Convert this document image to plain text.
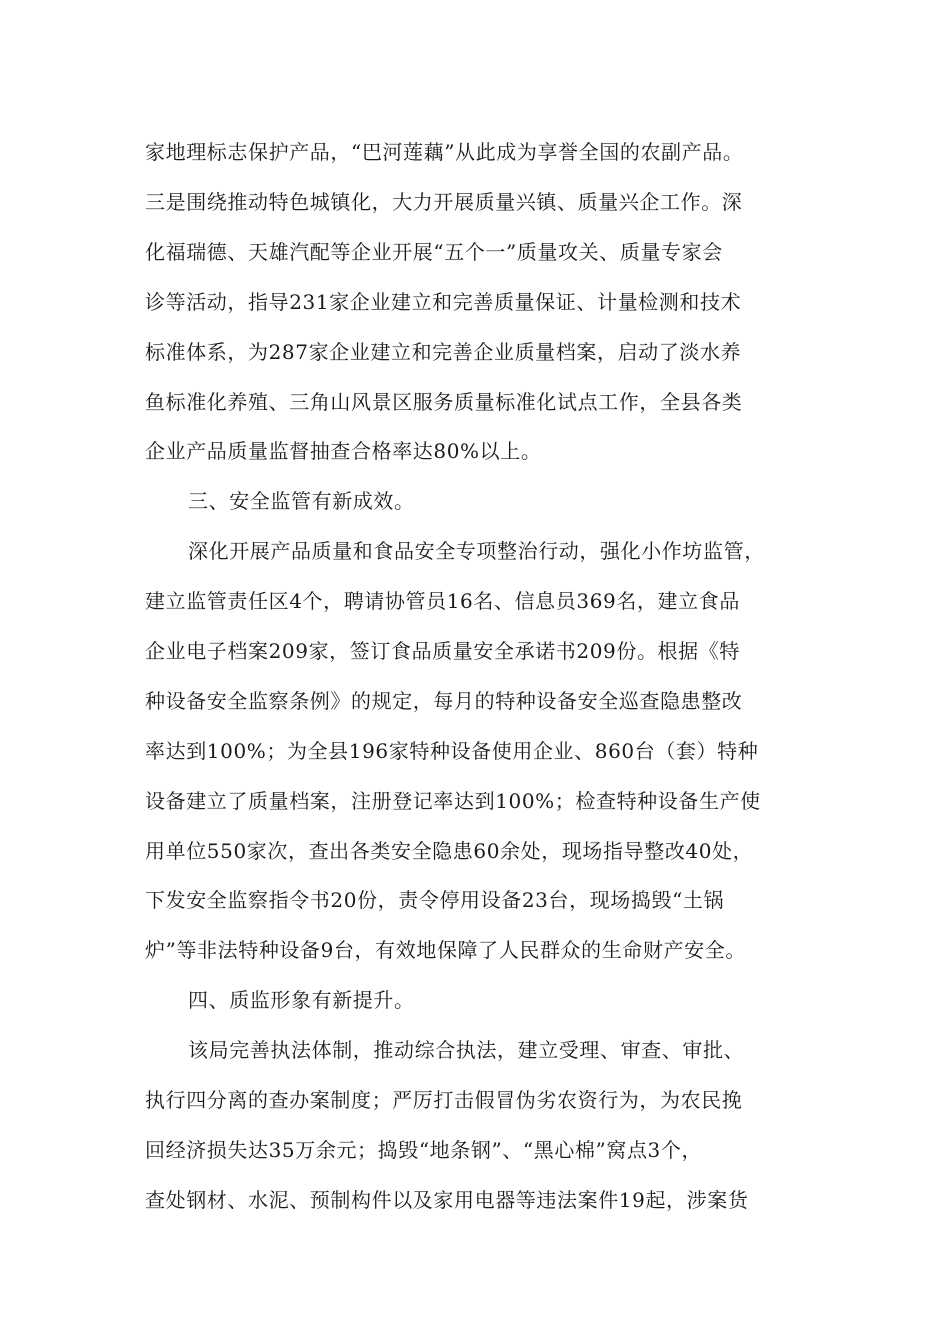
家地理标志保护产品，“巴河莲藕”从此成为享誉全国的农副产品。
三是围绕推动特色城镇化，大力开展质量兴镇、质量兴企工作。深
化福瑞德、天雄汽配等企业开展“五个一”质量攻关、质量专家会
诊等活动，指导231家企业建立和完善质量保证、计量检测和技术
标准体系，为287家企业建立和完善企业质量档案，启动了淡水养
鱼标准化养殖、三角山风景区服务质量标准化试点工作，全县各类
企业产品质量监督抽查合格率达80%以上。
三、安全监管有新成效。
深化开展产品质量和食品安全专项整治行动，强化小作坊监管，
建立监管责任区4个，聘请协管员16名、信息员369名，建立食品
企业电子档案209家，签订食品质量安全承诺书209份。根据《特
种设备安全监察条例》的规定，每月的特种设备安全巡查隐患整改
率达到100%；为全县196家特种设备使用企业、860台（套）特种
设备建立了质量档案，注册登记率达到100%；检查特种设备生产使
用单位550家次，查出各类安全隐患60余处，现场指导整改40处，
下发安全监察指令书20份，责令停用设备23台，现场捣毁“土锅
炉”等非法特种设备9台，有效地保障了人民群众的生命财产安全。
四、质监形象有新提升。
该局完善执法体制，推动综合执法，建立受理、审查、审批、
执行四分离的查办案制度；严厉打击假冒伪劣农资行为，为农民挽
回经济损失达35万余元；捣毁“地条钢”、“黑心棉”窝点3个，
查处钢材、水泥、预制构件以及家用电器等违法案件19起，涉案货
